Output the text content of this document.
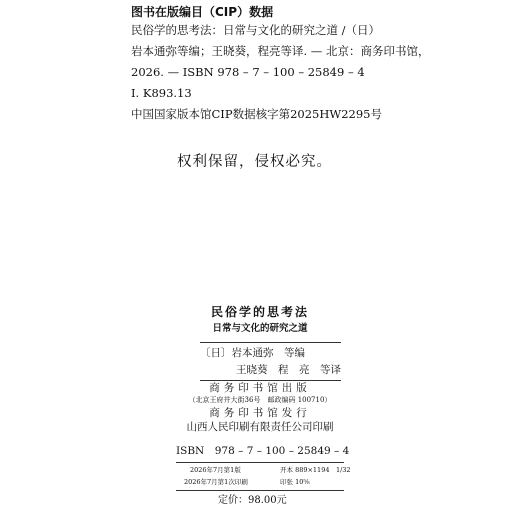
图书在版编目（CIP）数据
民俗学的思考法：日常与文化的研究之道 /（日）
岩本通弥等编；王晓葵，程亮等译. — 北京：商务印书馆，
2026. — ISBN 978 – 7 – 100 – 25849 – 4
Ⅰ. K893.13
中国国家版本馆CIP数据核字第2025HW2295号
权利保留，侵权必究。
民俗学的思考法
日常与文化的研究之道
〔日〕岩本通弥　等编
王晓葵　程　亮　等译
商务印书馆出版
（北京王府井大街36号　邮政编码 100710）
商务印书馆发行
山西人民印刷有限责任公司印刷
ISBN　978 – 7 – 100 – 25849 – 4
2026年7月第1版
2026年7月第1次印刷
开本 889×1194　1/32
印张 10⅝
定价：98.00元
